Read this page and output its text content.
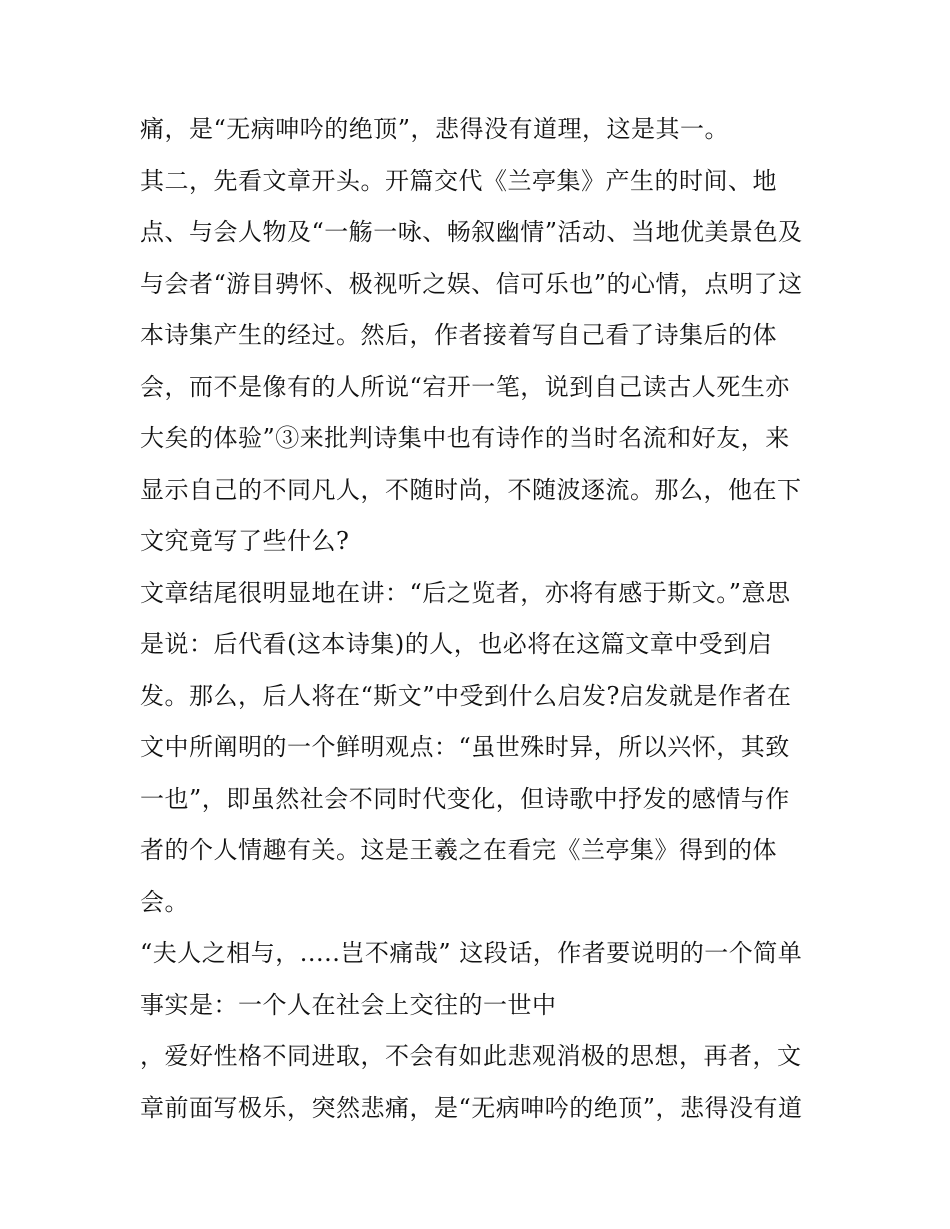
痛，是“无病呻吟的绝顶”，悲得没有道理，这是其一。
其二，先看文章开头。开篇交代《兰亭集》产生的时间、地
点、与会人物及“一觞一咏、畅叙幽情”活动、当地优美景色及
与会者“游目骋怀、极视听之娱、信可乐也”的心情，点明了这
本诗集产生的经过。然后，作者接着写自己看了诗集后的体
会，而不是像有的人所说“宕开一笔，说到自己读古人死生亦
大矣的体验”③来批判诗集中也有诗作的当时名流和好友，来
显示自己的不同凡人，不随时尚，不随波逐流。那么，他在下
文究竟写了些什么?
文章结尾很明显地在讲：“后之览者，亦将有感于斯文。”意思
是说：后代看(这本诗集)的人，也必将在这篇文章中受到启
发。那么，后人将在“斯文”中受到什么启发?启发就是作者在
文中所阐明的一个鲜明观点：“虽世殊时异，所以兴怀，其致
一也”，即虽然社会不同时代变化，但诗歌中抒发的感情与作
者的个人情趣有关。这是王羲之在看完《兰亭集》得到的体
会。
“夫人之相与，.....岂不痛哉” 这段话，作者要说明的一个简单
事实是：一个人在社会上交往的一世中
，爱好性格不同进取，不会有如此悲观消极的思想，再者，文
章前面写极乐，突然悲痛，是“无病呻吟的绝顶”，悲得没有道
